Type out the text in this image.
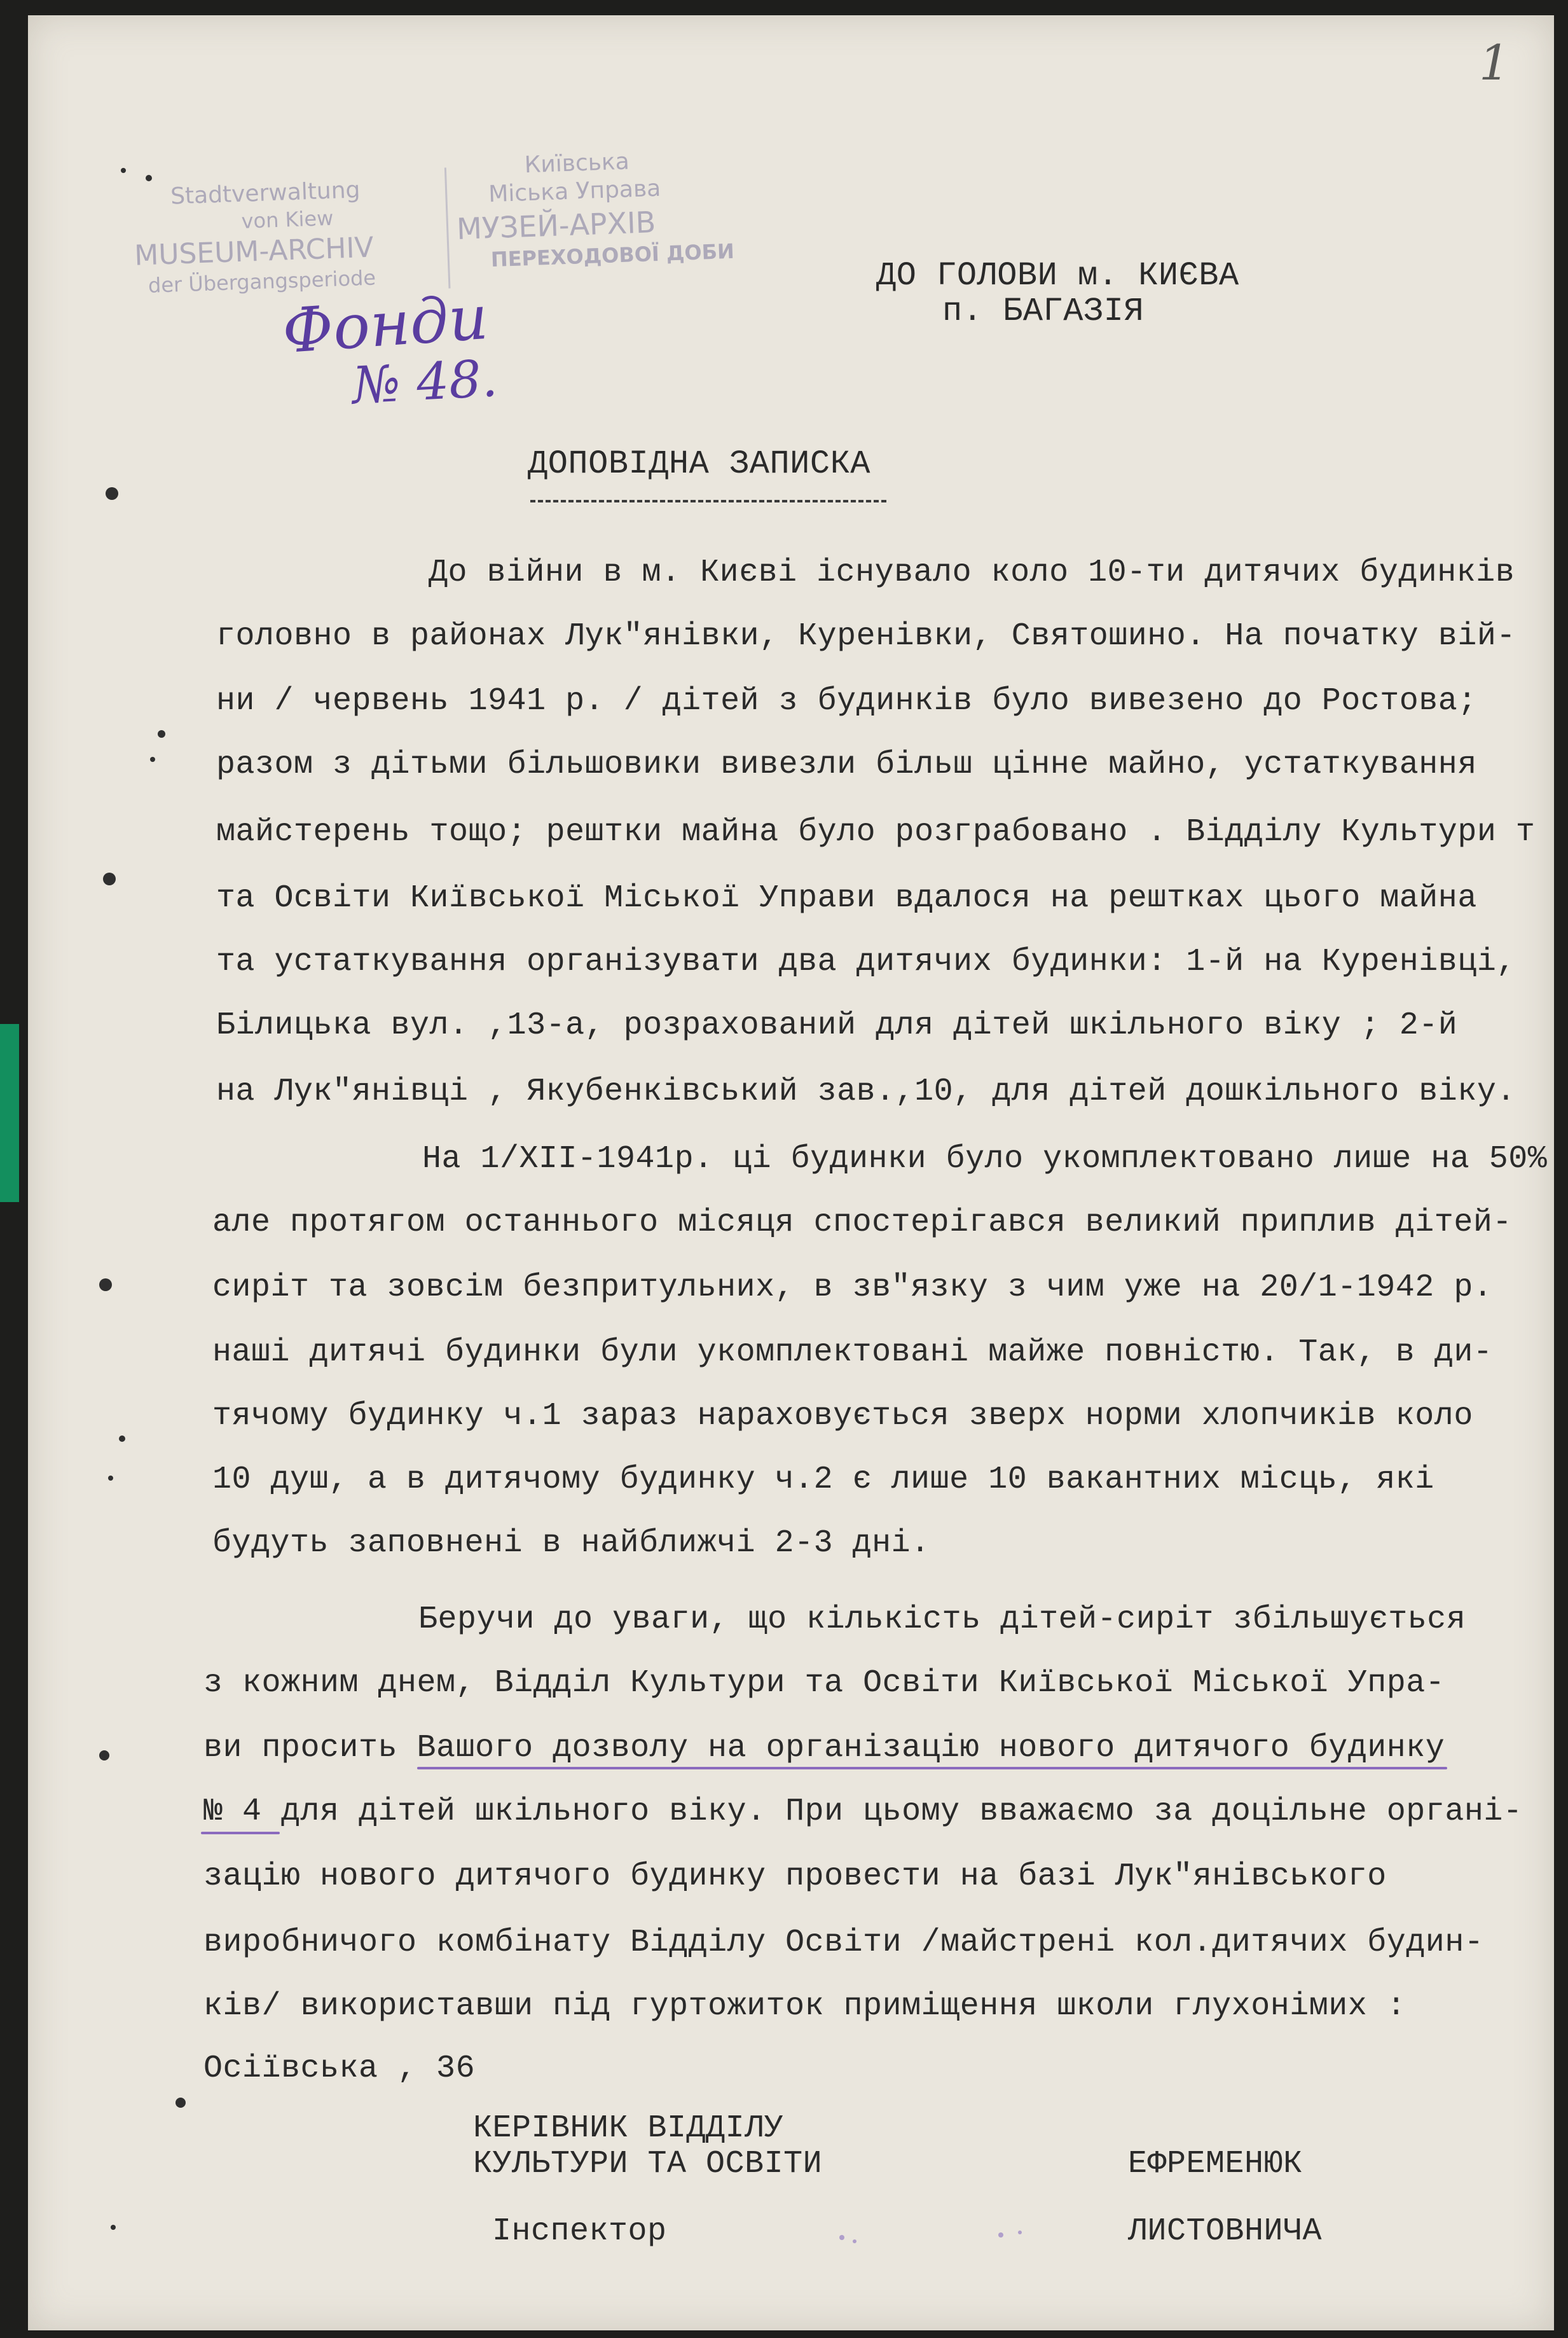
1

Stadtverwaltung

von Kiew

MUSEUM-ARCHIV

der Übergangsperiode

Київська

Міська Управа

МУЗЕЙ-АРХІВ

ПЕРЕХОДОВОЇ ДОБИ

Фонди

№ 48.

ДО ГОЛОВИ м. КИЄВА

п. БАГАЗІЯ

ДОПОВІДНА ЗАПИСКА

До війни в м. Києві існувало коло 10-ти дитячих будинків

головно в районах Лук"янівки, Куренівки, Святошино. На початку вій-

ни / червень 1941 р. / дітей з будинків було вивезено до Ростова;

разом з дітьми більшовики вивезли більш цінне майно, устаткування

майстерень тощо; рештки майна було розграбовано . Відділу Культури т

та Освіти Київської Міської Управи вдалося на рештках цього майна

та устаткування організувати два дитячих будинки: 1-й на Куренівці,

Білицька вул. ,13-а, розрахований для дітей шкільного віку ; 2-й

на Лук"янівці , Якубенківський зав.,10, для дітей дошкільного віку.

На 1/XII-1941р. ці будинки було укомплектовано лише на 50%

але протягом останнього місяця спостерігався великий приплив дітей-

сиріт та зовсім безпритульних, в зв"язку з чим уже на 20/1-1942 р.

наші дитячі будинки були укомплектовані майже повністю. Так, в ди-

тячому будинку ч.1 зараз нараховується зверх норми хлопчиків коло

10 душ, а в дитячому будинку ч.2 є лише 10 вакантних місць, які

будуть заповнені в найближчі 2-3 дні.

Беручи до уваги, що кількість дітей-сиріт збільшується

з кожним днем, Відділ Культури та Освіти Київської Міської Упра-

ви просить Вашого дозволу на організацію нового дитячого будинку

№ 4 для дітей шкільного віку. При цьому вважаємо за доцільне органі-

зацію нового дитячого будинку провести на базі Лук"янівського

виробничого комбінату Відділу Освіти /майстрені кол.дитячих будин-

ків/ використавши під гуртожиток приміщення школи глухонімих :

Осіївська , 36

КЕРІВНИК ВІДДІЛУ

КУЛЬТУРИ ТА ОСВІТИ	ЕФРЕМЕНЮК

Інспектор	ЛИСТОВНИЧА
